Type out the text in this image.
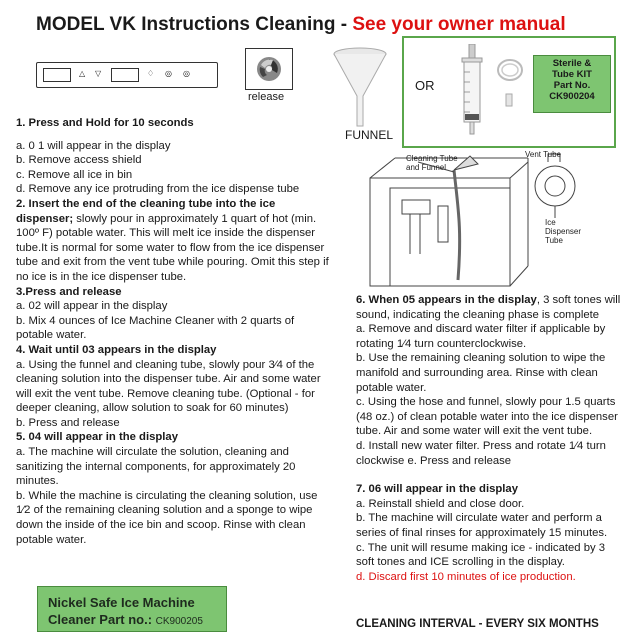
MODEL VK Instructions Cleaning - See your owner manual
△ ▽	♢ ◎ ◎
release
FUNNEL
OR
Sterile &
Tube KIT
Part No.
CK900204
Cleaning Tube and Funnel
Vent Tube
Ice Dispenser Tube

1. Press and Hold for 10 seconds

a. 0 1 will appear in the display

b. Remove access shield

c. Remove all ice in bin

d. Remove any ice protruding from the ice dispense tube

2. Insert the end of the cleaning tube into the ice dispenser; slowly pour in approximately 1 quart of hot (min. 100º F) potable water. This will melt ice inside the dispenser tube.It is normal for some water to flow from the ice dispenser tube and exit from the vent tube while pouring. Omit this step if no ice is in the ice dispenser tube.

3.Press and release

a. 02 will appear in the display

b. Mix 4 ounces of Ice Machine Cleaner with 2 quarts of potable water.

4. Wait until 03 appears in the display

a. Using the funnel and cleaning tube, slowly pour 3⁄4 of the cleaning solution into the dispenser tube. Air and some water will exit the vent tube. Remove cleaning tube. (Optional - for deeper cleaning, allow solution to soak for 60 minutes)

b. Press and release

5. 04 will appear in the display

a. The machine will circulate the solution, cleaning and sanitizing the internal components, for approximately 20 minutes.

b. While the machine is circulating the cleaning solution, use 1⁄2 of the remaining cleaning solution and a sponge to wipe down the inside of the ice bin and scoop. Rinse with clean potable water.

6. When 05 appears in the display, 3 soft tones will sound, indicating the cleaning phase is complete

a. Remove and discard water filter if applicable by rotating 1⁄4 turn counterclockwise.

b. Use the remaining cleaning solution to wipe the manifold and surrounding area. Rinse with clean potable water.

c. Using the hose and funnel, slowly pour 1.5 quarts (48 oz.) of clean potable water into the ice dispenser tube. Air and some water will exit the vent tube.

d. Install new water filter. Press and rotate 1⁄4 turn clockwise e. Press and release

7. 06 will appear in the display

a. Reinstall shield and close door.

b. The machine will circulate water and perform a series of final rinses for approximately 15 minutes.

c. The unit will resume making ice - indicated by 3 soft tones and ICE scrolling in the display.

d. Discard first 10 minutes of ice production.

Nickel Safe Ice Machine
Cleaner Part no.: CK900205	CLEANING INTERVAL - EVERY SIX MONTHS
